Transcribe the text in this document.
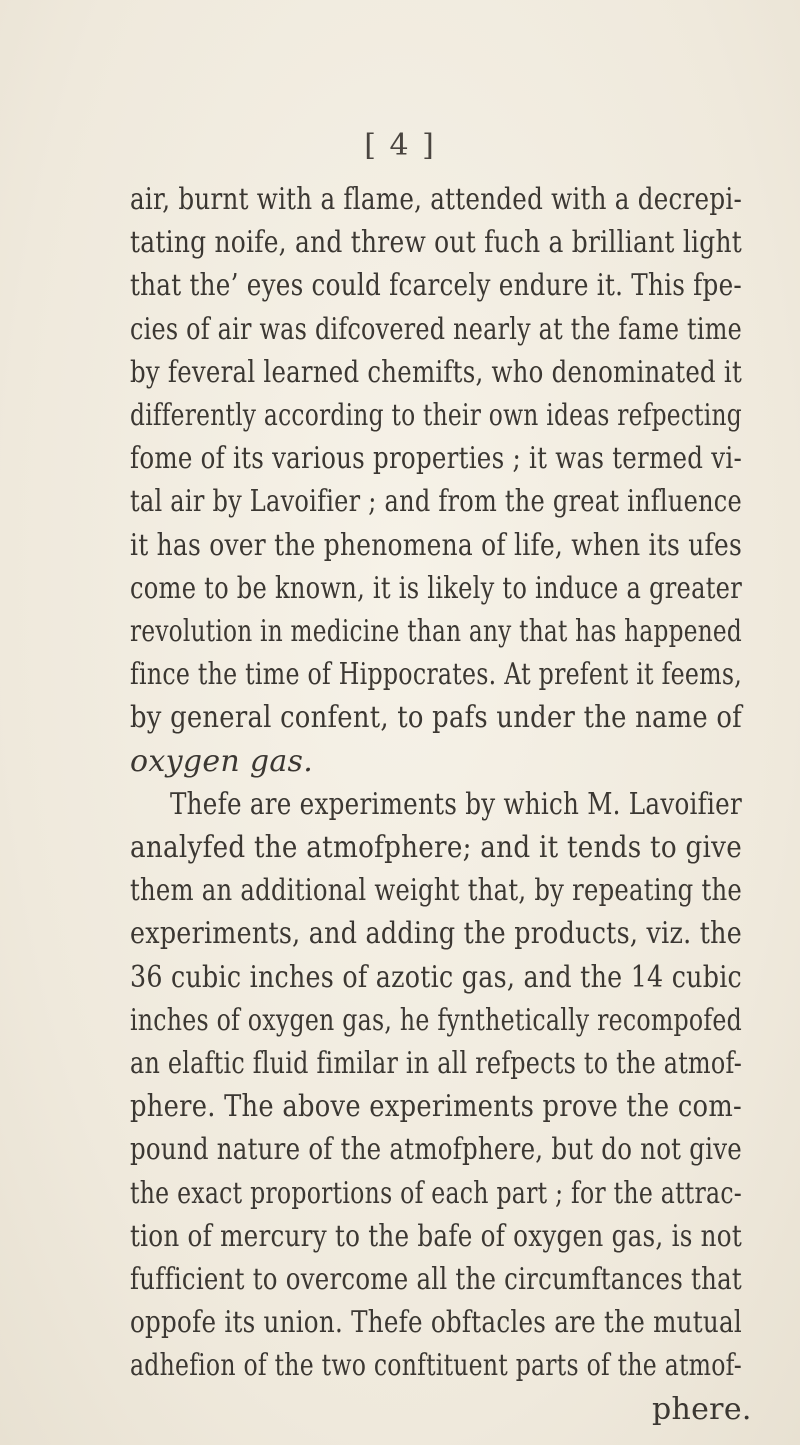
[ 4 ]
air, burnt with a flame, attended with a decrepi-
tating noife, and threw out fuch a brilliant light
that the’ eyes could fcarcely endure it. This fpe-
cies of air was difcovered nearly at the fame time
by feveral learned chemifts, who denominated it
differently according to their own ideas refpecting
fome of its various properties ; it was termed vi-
tal air by Lavoifier ; and from the great influence
it has over the phenomena of life, when its ufes
come to be known, it is likely to induce a greater
revolution in medicine than any that has happened
fince the time of Hippocrates. At prefent it feems,
by general confent, to pafs under the name of
oxygen gas.
Thefe are experiments by which M. Lavoifier
analyfed the atmofphere; and it tends to give
them an additional weight that, by repeating the
experiments, and adding the products, viz. the
36 cubic inches of azotic gas, and the 14 cubic
inches of oxygen gas, he fynthetically recompofed
an elaftic fluid fimilar in all refpects to the atmof-
phere. The above experiments prove the com-
pound nature of the atmofphere, but do not give
the exact proportions of each part ; for the attrac-
tion of mercury to the bafe of oxygen gas, is not
fufficient to overcome all the circumftances that
oppofe its union. Thefe obftacles are the mutual
adhefion of the two conftituent parts of the atmof-
phere.
